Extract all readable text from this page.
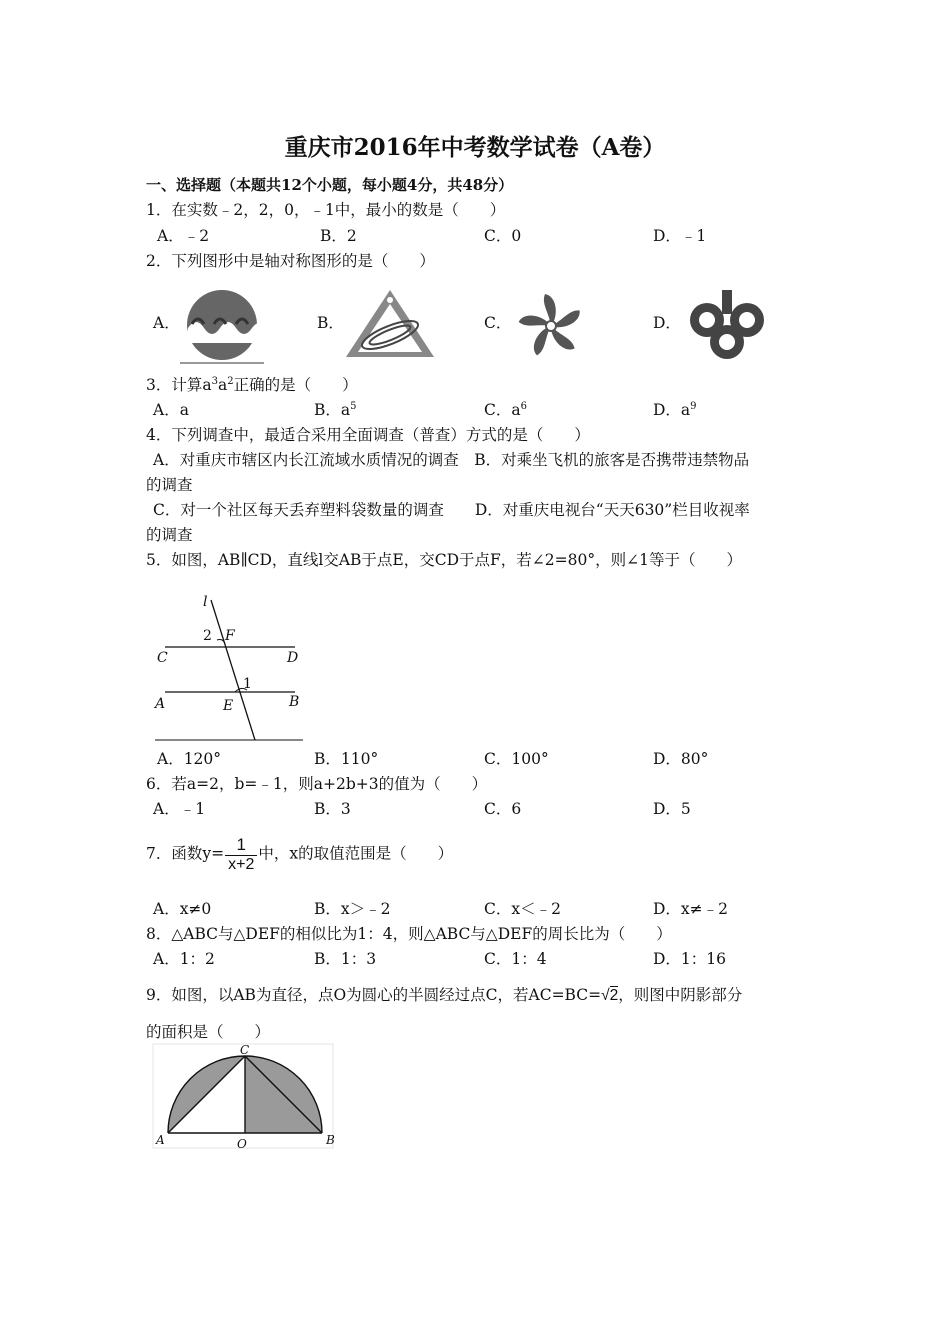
重庆市2016年中考数学试卷（A卷）
一、选择题（本题共12个小题，每小题4分，共48分）
1．在实数﹣2，2，0，﹣1中，最小的数是（　　）
A．﹣2	B．2	C．0	D．﹣1
2．下列图形中是轴对称图形的是（　　）
A．	B．	C．	D．
3．计算$a^3a^2$正确的是（　　）
A．a	B．$a^5$	C．$a^6$	D．$a^9$
4．下列调查中，最适合采用全面调查（普查）方式的是（　　）
A．对重庆市辖区内长江流域水质情况的调查　B．对乘坐飞机的旅客是否携带违禁物品
的调查
C．对一个社区每天丢弃塑料袋数量的调查　　D．对重庆电视台“天天630”栏目收视率
的调查
5．如图，AB∥CD，直线l交AB于点E，交CD于点F，若∠2=80°，则∠1等于（　　）
l
2 F
C	D
1
A	E	B
A．120°	B．110°	C．100°	D．80°
6．若a=2，b=﹣1，则a+2b+3的值为（　　）
A．﹣1	B．3	C．6	D．5
7．函数$y= \frac{1}{x+2}$ 中，x的取值范围是（　　）
A．x≠0	B．x＞﹣2	C．x＜﹣2	D．x≠﹣2
8．△ABC与△DEF的相似比为1：4，则△ABC与△DEF的周长比为（　　）
A．1：2	B．1：3	C．1：4	D．1：16
9．如图，以AB为直径，点O为圆心的半圆经过点C，若AC=BC=√2，则图中阴影部分
的面积是（　　）
C
A	O	B
